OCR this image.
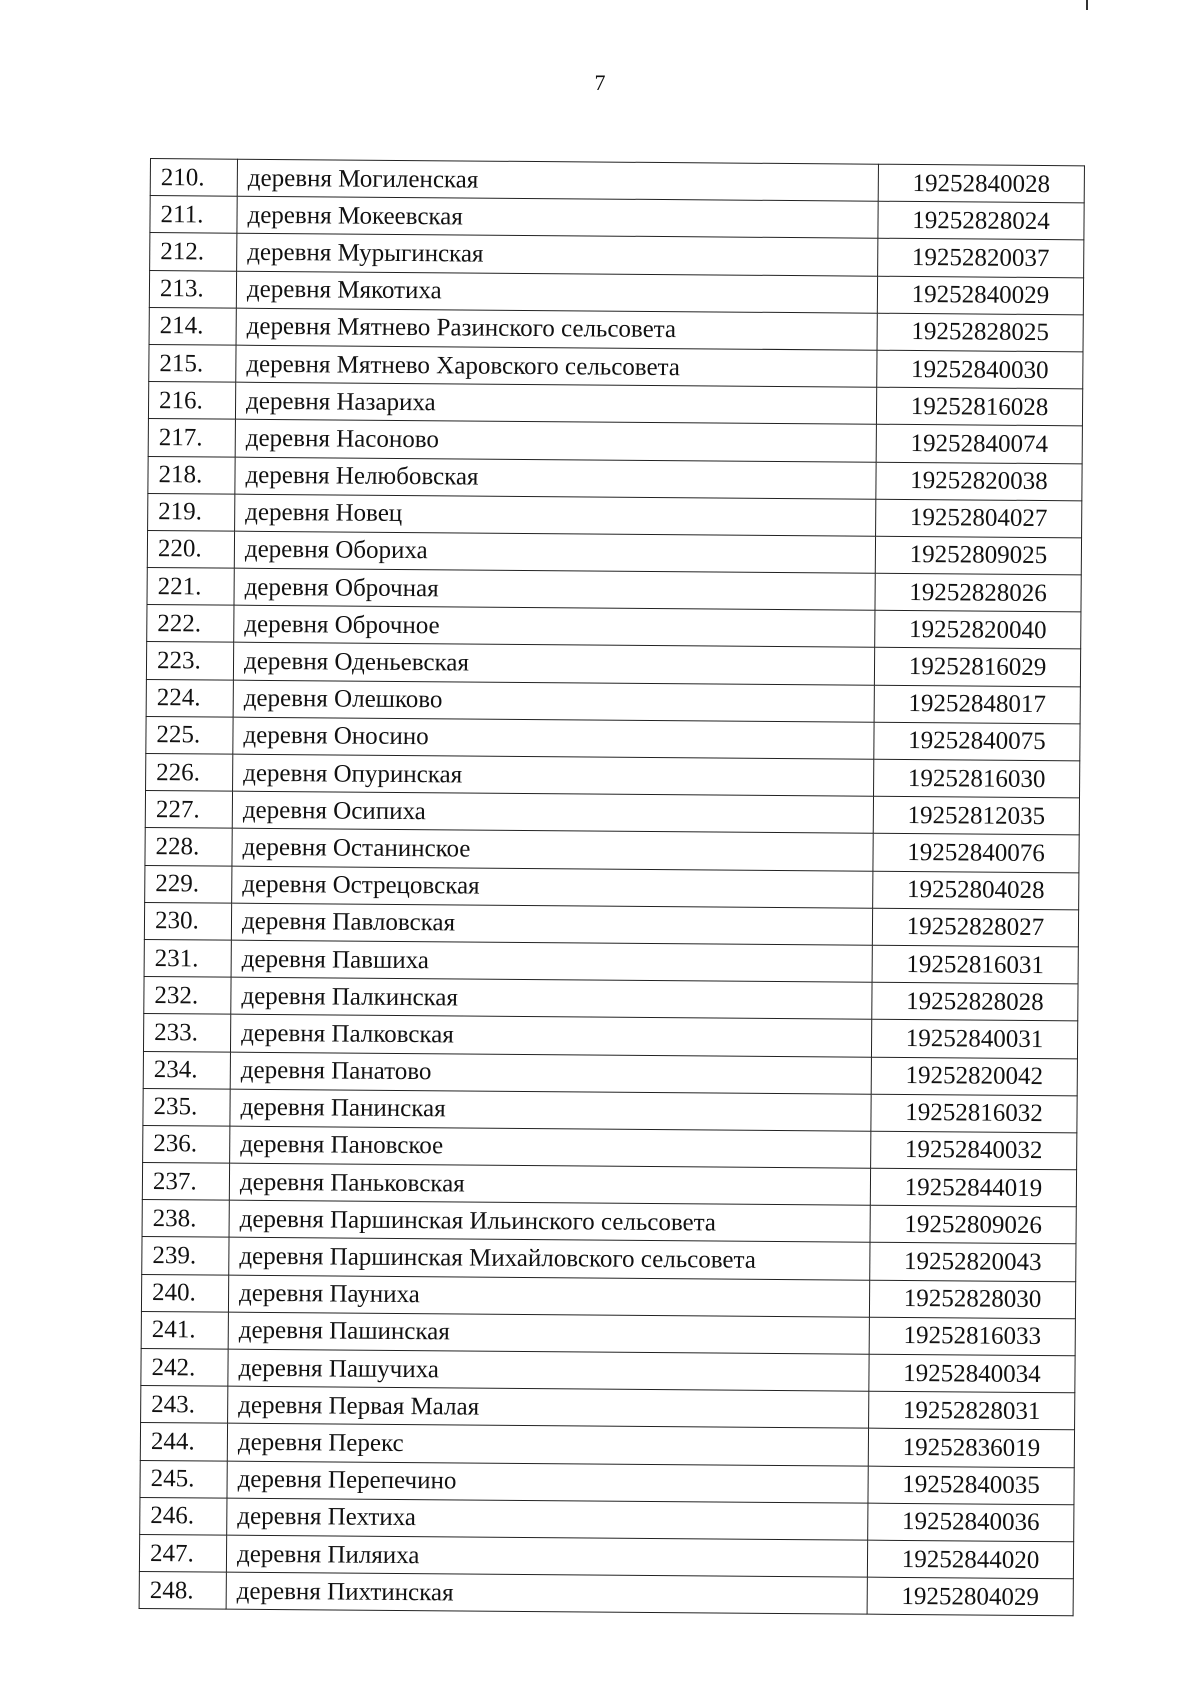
7
210.	деревня Могиленская	19252840028
211.	деревня Мокеевская	19252828024
212.	деревня Мурыгинская	19252820037
213.	деревня Мякотиха	19252840029
214.	деревня Мятнево Разинского сельсовета	19252828025
215.	деревня Мятнево Харовского сельсовета	19252840030
216.	деревня Назариха	19252816028
217.	деревня Насоново	19252840074
218.	деревня Нелюбовская	19252820038
219.	деревня Новец	19252804027
220.	деревня Обориха	19252809025
221.	деревня Оброчная	19252828026
222.	деревня Оброчное	19252820040
223.	деревня Оденьевская	19252816029
224.	деревня Олешково	19252848017
225.	деревня Оносино	19252840075
226.	деревня Опуринская	19252816030
227.	деревня Осипиха	19252812035
228.	деревня Останинское	19252840076
229.	деревня Острецовская	19252804028
230.	деревня Павловская	19252828027
231.	деревня Павшиха	19252816031
232.	деревня Палкинская	19252828028
233.	деревня Палковская	19252840031
234.	деревня Панатово	19252820042
235.	деревня Панинская	19252816032
236.	деревня Пановское	19252840032
237.	деревня Паньковская	19252844019
238.	деревня Паршинская Ильинского сельсовета	19252809026
239.	деревня Паршинская Михайловского сельсовета	19252820043
240.	деревня Пауниха	19252828030
241.	деревня Пашинская	19252816033
242.	деревня Пашучиха	19252840034
243.	деревня Первая Малая	19252828031
244.	деревня Перекс	19252836019
245.	деревня Перепечино	19252840035
246.	деревня Пехтиха	19252840036
247.	деревня Пиляиха	19252844020
248.	деревня Пихтинская	19252804029
